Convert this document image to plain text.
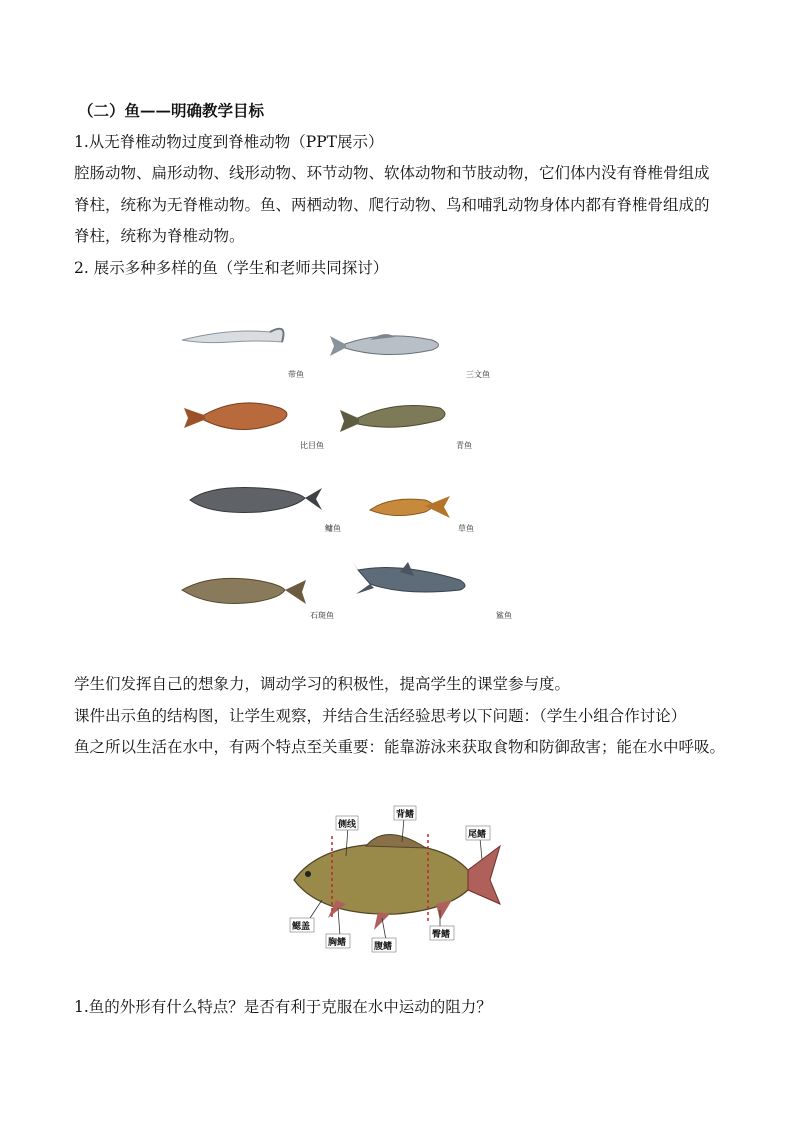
（二）鱼——明确教学目标
1.从无脊椎动物过度到脊椎动物（PPT展示）
腔肠动物、扁形动物、线形动物、环节动物、软体动物和节肢动物，它们体内没有脊椎骨组成
脊柱，统称为无脊椎动物。鱼、两栖动物、爬行动物、鸟和哺乳动物身体内都有脊椎骨组成的
脊柱，统称为脊椎动物。
2. 展示多种多样的鱼（学生和老师共同探讨）
带鱼	三文鱼
比目鱼	青鱼
鳙鱼	草鱼
石斑鱼	鲨鱼
学生们发挥自己的想象力，调动学习的积极性，提高学生的课堂参与度。
课件出示鱼的结构图，让学生观察，并结合生活经验思考以下问题：（学生小组合作讨论）
鱼之所以生活在水中，有两个特点至关重要：能靠游泳来获取食物和防御敌害；能在水中呼吸。
侧线
背鳍
尾鳍
鳃盖
胸鳍	腹鳍
臀鳍
1.鱼的外形有什么特点？是否有利于克服在水中运动的阻力？
